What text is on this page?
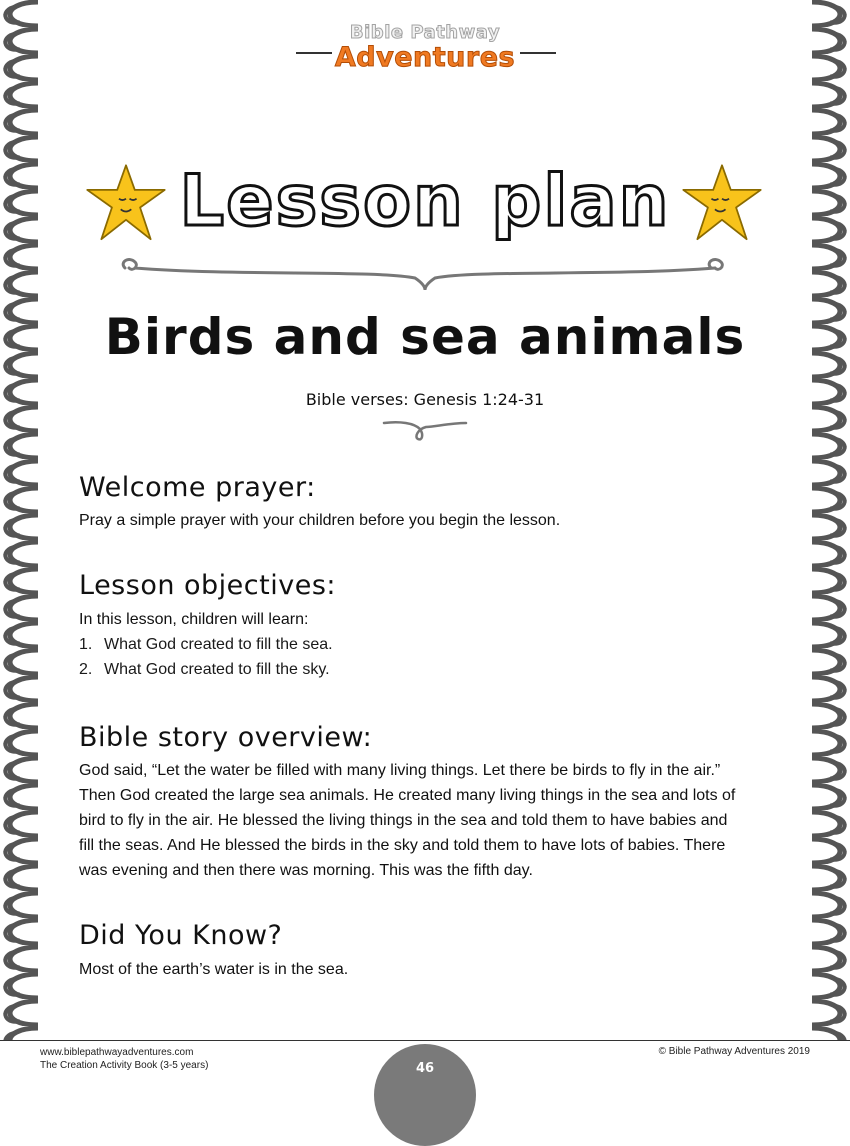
Bible Pathway
Adventures
Lesson plan
Birds and sea animals
Bible verses: Genesis 1:24-31
Welcome prayer:
Pray a simple prayer with your children before you begin the lesson.
Lesson objectives:
In this lesson, children will learn:
1. What God created to fill the sea.
2. What God created to fill the sky.
Bible story overview:
God said, “Let the water be filled with many living things. Let there be birds to fly in the air.”
Then God created the large sea animals. He created many living things in the sea and lots of
bird to fly in the air. He blessed the living things in the sea and told them to have babies and
fill the seas. And He blessed the birds in the sky and told them to have lots of babies. There
was evening and then there was morning. This was the fifth day.
Did You Know?
Most of the earth’s water is in the sea.
www.biblepathwayadventures.com
The Creation Activity Book (3-5 years)
© Bible Pathway Adventures 2019
46
